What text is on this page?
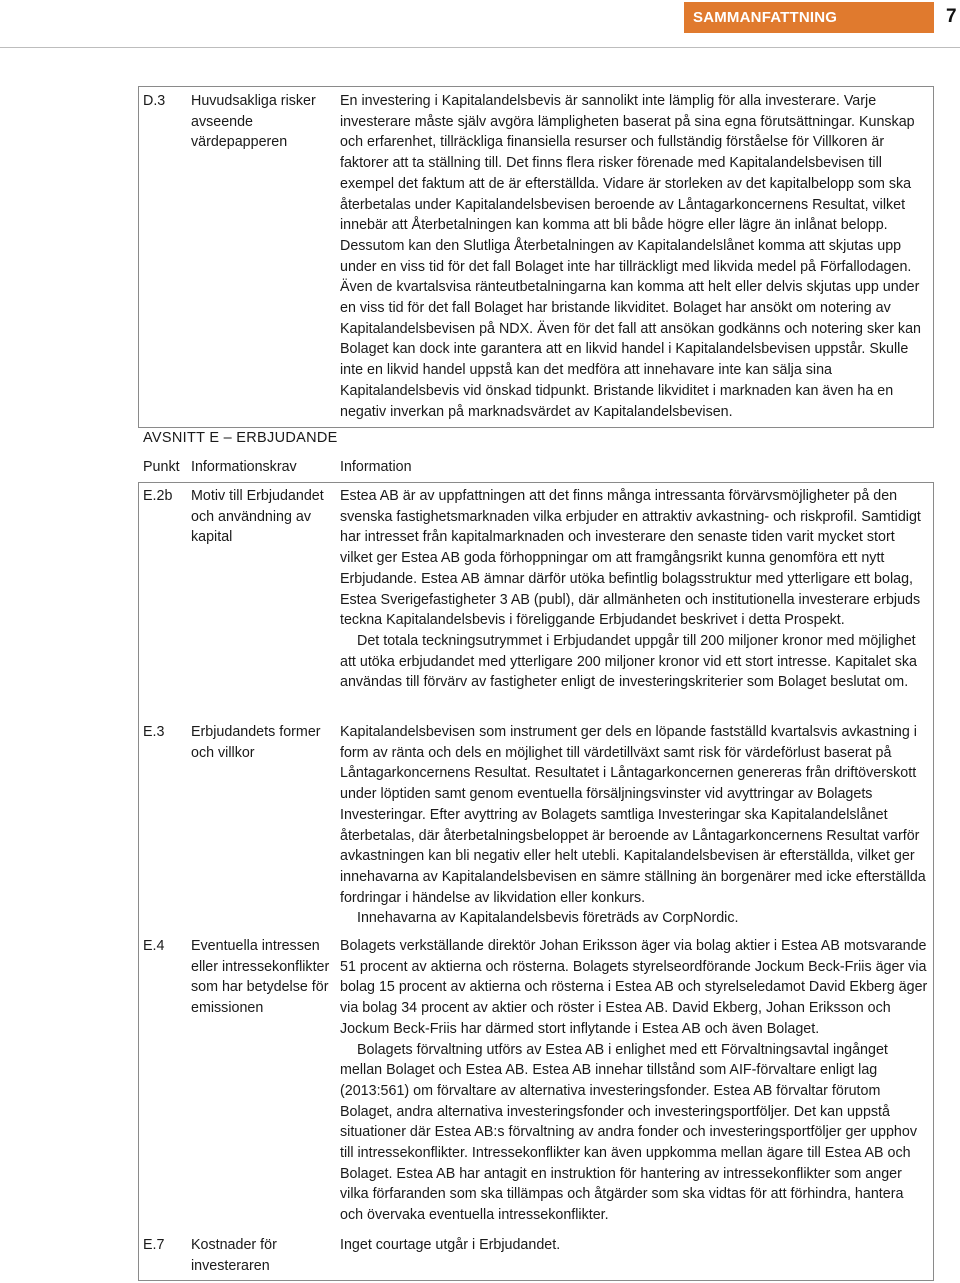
SAMMANFATTNING	7
D.3 Huvudsakliga risker avseende värdepapperen

En investering i Kapitalandelsbevis är sannolikt inte lämplig för alla investerare. Varje investerare måste själv avgöra lämpligheten baserat på sina egna förutsättningar. Kunskap och erfarenhet, tillräckliga finansiella resurser och fullständig förståelse för Villkoren är faktorer att ta ställning till. Det finns flera risker förenade med Kapitalandelsbevisen till exempel det faktum att de är efterställda. Vidare är storleken av det kapitalbelopp som ska återbetalas under Kapitalandelsbevisen beroende av Låntagarkoncernens Resultat, vilket innebär att Återbetalningen kan komma att bli både högre eller lägre än inlånat belopp. Dessutom kan den Slutliga Återbetalningen av Kapitalandelslånet komma att skjutas upp under en viss tid för det fall Bolaget inte har tillräckligt med likvida medel på Förfallodagen. Även de kvartalsvisa ränteutbetalningarna kan komma att helt eller delvis skjutas upp under en viss tid för det fall Bolaget har bristande likviditet. Bolaget har ansökt om notering av Kapitalandelsbevisen på NDX. Även för det fall att ansökan godkänns och notering sker kan Bolaget kan dock inte garantera att en likvid handel i Kapitalandelsbevisen uppstår. Skulle inte en likvid handel uppstå kan det medföra att innehavare inte kan sälja sina Kapitalandelsbevis vid önskad tidpunkt. Bristande likviditet i marknaden kan även ha en negativ inverkan på marknadsvärdet av Kapitalandelsbevisen.

AVSNITT E – ERBJUDANDE
Punkt Informationskrav	Information
E.2b Motiv till Erbjudandet och användning av kapital

Estea AB är av uppfattningen att det finns många intressanta förvärvsmöjligheter på den svenska fastighetsmarknaden vilka erbjuder en attraktiv avkastning- och riskprofil. Samtidigt har intresset från kapitalmarknaden och investerare den senaste tiden varit mycket stort vilket ger Estea AB goda förhoppningar om att framgångsrikt kunna genomföra ett nytt Erbjudande. Estea AB ämnar därför utöka befintlig bolagsstruktur med ytterligare ett bolag, Estea Sverigefastigheter 3 AB (publ), där allmänheten och institutionella investerare erbjuds teckna Kapitalandelsbevis i föreliggande Erbjudandet beskrivet i detta Prospekt.

Det totala teckningsutrymmet i Erbjudandet uppgår till 200 miljoner kronor med möjlighet att utöka erbjudandet med ytterligare 200 miljoner kronor vid ett stort intresse. Kapitalet ska användas till förvärv av fastigheter enligt de investeringskriterier som Bolaget beslutat om.

E.3 Erbjudandets former och villkor

Kapitalandelsbevisen som instrument ger dels en löpande fastställd kvartalsvis avkastning i form av ränta och dels en möjlighet till värdetillväxt samt risk för värdeförlust baserat på Låntagarkoncernens Resultat. Resultatet i Låntagarkoncernen genereras från driftöverskott under löptiden samt genom eventuella försäljningsvinster vid avyttringar av Bolagets Investeringar. Efter avyttring av Bolagets samtliga Investeringar ska Kapitalandelslånet återbetalas, där återbetalningsbeloppet är beroende av Låntagarkoncernens Resultat varför avkastningen kan bli negativ eller helt utebli. Kapitalandelsbevisen är efterställda, vilket ger innehavarna av Kapitalandelsbevisen en sämre ställning än borgenärer med icke efterställda fordringar i händelse av likvidation eller konkurs.

Innehavarna av Kapitalandelsbevis företräds av CorpNordic.

E.4 Eventuella intressen eller intressekonflikter som har betydelse för emissionen

Bolagets verkställande direktör Johan Eriksson äger via bolag aktier i Estea AB motsvarande 51 procent av aktierna och rösterna. Bolagets styrelseordförande Jockum Beck-Friis äger via bolag 15 procent av aktierna och rösterna i Estea AB och styrelseledamot David Ekberg äger via bolag 34 procent av aktier och röster i Estea AB. David Ekberg, Johan Eriksson och Jockum Beck-Friis har därmed stort inflytande i Estea AB och även Bolaget.

Bolagets förvaltning utförs av Estea AB i enlighet med ett Förvaltningsavtal ingånget mellan Bolaget och Estea AB. Estea AB innehar tillstånd som AIF-förvaltare enligt lag (2013:561) om förvaltare av alternativa investeringsfonder. Estea AB förvaltar förutom Bolaget, andra alternativa investeringsfonder och investeringsportföljer. Det kan uppstå situationer där Estea AB:s förvaltning av andra fonder och investeringsportföljer ger upphov till intressekonflikter. Intressekonflikter kan även uppkomma mellan ägare till Estea AB och Bolaget. Estea AB har antagit en instruktion för hantering av intressekonflikter som anger vilka förfaranden som ska tillämpas och åtgärder som ska vidtas för att förhindra, hantera och övervaka eventuella intressekonflikter.

E.7 Kostnader för investeraren

Inget courtage utgår i Erbjudandet.
